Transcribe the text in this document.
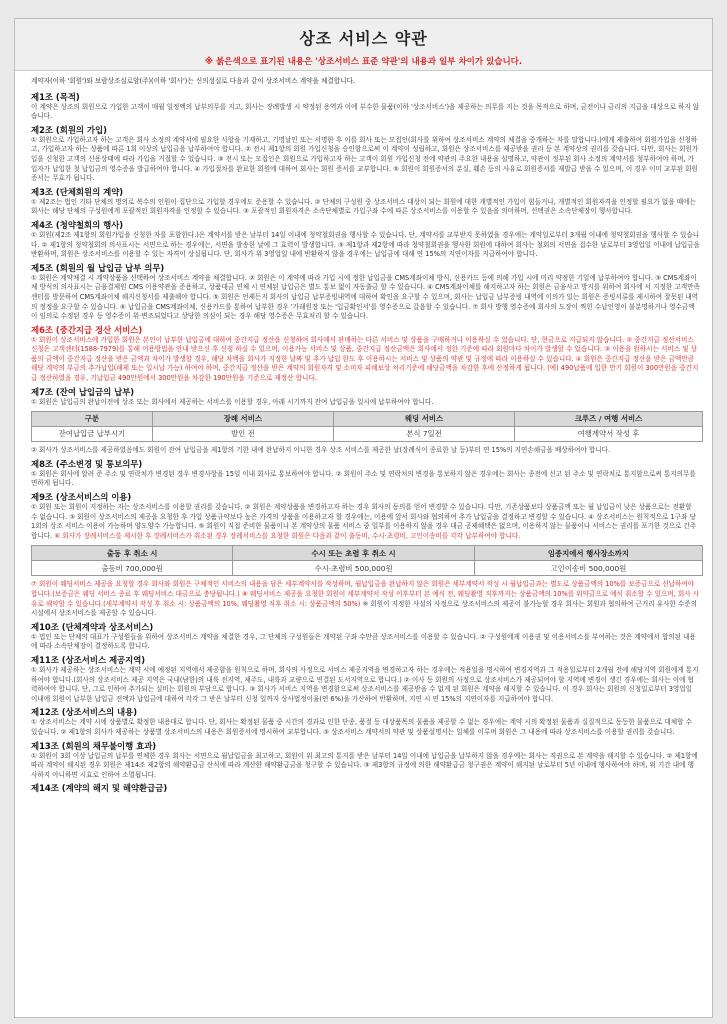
상조 서비스 약관
※ 붉은색으로 표기된 내용은 '상조서비스 표준 약관'의 내용과 일부 차이가 있습니다.

계약자(이하 '회원')와 보람상조실로암(주)(이하 '회사')는 신의성실로 다음과 같이 상조서비스 계약을 체결합니다.

제1조 (목적)

이 계약은 상조의 회원으로 가입한 고객이 매월 일정액의 납부의무를 지고, 회사는 장례발생 시 약정된 용역과 이에 부수한 물품(이하 '상조서비스')을 제공하는 의무를 지는 것을 목적으로 하며, 금전이나 금리의 지급을 대상으로 하지 않습니다.

제2조 (회원의 가입)

① 회원으로 가입하고자 하는 고객은 회사 소정의 계약서에 필요한 사항을 기재하고, 기명날인 또는 서명한 후 이를 회사 또는 모집인(회사를 위하여 상조서비스 계약의 체결을 중개하는 자를 말합니다.)에게 제출하여 회원가입을 신청하고, 가입하고자 하는 상품에 따른 1회 이상의 납입금을 납부하여야 합니다. ② 전시 제1항의 회원 가입신청을 승인함으로써 이 계약이 성립하고, 회원은 상조서비스를 제공받을 권리 등 본 계약상의 권리를 갖습니다. 다만, 회사는 회원가입을 신청한 고객의 신용상태에 따라 가입을 거절할 수 있습니다. ③ 전시 또는 모집인은 회원으로 가입하고자 하는 고객이 회원 가입신청 전에 약관의 주요한 내용을 설명하고, 약관이 정부된 회사 소정의 계약서를 청부하여야 하며, 가입자가 납입한 첫 납입금의 영수증을 발급하여야 합니다. ④ 가입절차를 완료한 회원에 대하여 회사는 회원 증서를 교부합니다. ⑤ 회원이 회원증서의 분실, 훼손 등의 사유로 회원증서를 재발급 받을 수 있으며, 이 경우 이미 교부된 회원증서는 무효가 됩니다.

제3조 (단체회원의 계약)

① 제2조는 법인 기타 단체의 명의로 복수의 인원이 집단으로 가입할 경우에도 준용할 수 있습니다. ② 단체의 구성원 중 상조서비스 대상이 되는 회원에 대한 개별적인 가입이 힘들거나, 개별적인 회원자격을 인정할 필요가 없을 때에는 회사는 해당 단체의 구성원에게 포괄적인 회원자격을 인정할 수 있습니다. ③ 포괄적인 회원자격은 소속단체별로 가입구좌 수에 따른 상조서비스를 이용할 수 있음을 의미하며, 선택권은 소속단체장이 행사합니다.

제4조 (청약철회의 행사)

① 회원(제2조 제1항의 회원가입을 신청한 자를 포함한다.)은 계약서를 받은 날부터 14일 이내에 청약철회권을 행사할 수 있습니다. 단, 계약서를 교부받지 못하였을 경우에는 계약일로부터 3개월 이내에 청약철회권을 행사할 수 있습니다. ② 제1항의 청약철회의 의사표시는 서면으로 하는 경우에는, 서면을 발송한 날에 그 효력이 발생합니다. ③ 제1항과 제2항에 따라 청약철회권을 행사한 회원에 대하여 회사는 철회의 서면을 접수한 날로부터 3영업일 이내에 납입금을 반환하며, 회원은 상조서비스를 이용할 수 있는 자격이 상실됩니다. 단, 회사가 위 3영업일 내에 반환하지 않을 경우에는 납입금에 대해 연 15%의 지연이자를 지급하여야 합니다.

제5조 (회원의 월 납입금 납부 의무)

① 회원은 계약체결 시 계약상품을 선택하여 상조서비스 계약을 체결합니다. ② 회원은 이 계약에 따라 가입 시에 정한 납입금을 CMS계좌이체 방식, 신용카드 등에 의해 가입 시에 미리 약정한 기일에 납부하여야 합니다. ③ CMS계좌이체 방식의 의사표시는 금융결제원 CMS 이용약관을 준용하고, 상품대금 연체 시 연체된 납입금은 별도 통보 없이 자동출금 할 수 있습니다. ④ CMS계좌이체를 해지하고자 하는 회원은 금융사고 방지를 위하여 회사에 서 지정한 고객만족센터를 방문하여 CMS계좌이체 해지신청서를 제출해야 합니다. ⑤ 회원은 언제든지 회사의 납입금 납부증빙내역에 대하여 확인을 요구할 수 있으며, 회사는 납입금 납부증빙 내역에 이의가 있는 회원은 증빙서류를 제시하여 잘못된 내역의 정정을 요구할 수 있습니다. ⑥ 납입금을 CMS계좌이체, 신용카드를 통하여 납부한 경우 '가래원장 또는 '입금확인서'를 영수증으로 갈음할 수 있습니다. ⑦ 회사 방행 영수증에 회사의 도장이 찍힌 수납인영이 불분명하거나 영수금액이 임의로 수정된 경우 등 영수증이 위·변조되었다고 상당한 의심이 되는 경우 해당 영수증은 무효처리 할 수 있습니다.

제6조 (중간지급 정산 서비스)

① 회원이 상조서비스에 가입한 회원은 본인이 납부한 납입금에 대하여 중간지급 정산을 신청하여 회사에서 판매하는 다른 서비스 및 상품을 구매하거나 이용하실 수 있습니다. 단, 현금으로 지급되지 않습니다. ② 중간지급 정산서비스 신청은 고객센터(1588-7979)를 통해 이용방법을 안내 받으신 후 신청 하실 수 있으며, 이용가능 서비스 및 상품, 중간지급 정산금액은 회사에서 정한 기준에 따라 회원마다 차이가 발생할 수 있습니다. ③ 이용을 원하시는 서비스 및 상품의 금액이 중간지급 정산을 받은 금액과 차이가 발생할 경우, 해당 차액을 회사가 지정한 날짜 및 추가 납입 한도 후 이용하시는 서비스 및 상품의 약관 및 규정에 따라 이용하실 수 있습니다. ④ 회원은 중간지급 정산을 받은 금액만큼 해당 계약의 부금의 추가납입(해제 또는 일시납 가능) 하여야 하며, 중간지급 정산을 받은 계약의 회원자격 및 소비자 피해보상 처리기준에 해당금액을 차감한 후에 산정하게 됩니다. (예) 490납품에 입한 만기 회원이 300만원을 중간지급 정산하였을 경우, 기납입금 490만원에서 300만원을 차감한 190만원을 기준으로 재정산 합니다.

제7조 (잔여 납입금의 납부)

① 회원은 납입금의 완납이전에 상조 또는 회사에서 제공하는 서비스를 이용할 경우, 아래 시기까지 잔여 납입금을 일시에 납부하여야 합니다.

구분	장례 서비스	웨딩 서비스	크루즈 / 여행 서비스
잔여납입금 납부시기	발인 전	본식 7일전	여행계약서 작성 후

② 회사가 상조서비스를 제공하였음에도 회원이 잔여 납입금을 제1항의 기한 내에 완납하지 아니한 경우 상조 서비스를 제공한 날(장례식이 종료한 날 등)부터 연 15%의 지연손해금을 배상하여야 합니다.

제8조 (주소변경 및 통보의무)

① 회원은 회사에 알려 준 주소 및 연락처가 변경된 경우 변경사항을 15일 이내 회사로 통보하여야 합니다. ② 회원이 주소 및 연락처의 변경을 통보하지 않은 경우에는 회사는 종전에 신고 된 주소 및 연락처로 통지함으로써 통지의무를 면하게 됩니다.

제9조 (상조서비스의 이용)

① 회원 또는 회원이 지정하는 자는 상조서비스를 이용할 권리를 갖습니다. ② 회원은 계약상품을 변경하고자 하는 경우 회사의 동의를 얻어 변경할 수 있습니다. 다만, 기존상품보다 상품금액 또는 월 납입금이 낮은 상품으로는 전환할 수 없습니다. ③ 회원이 상조서비스의 제공을 요청한 후 가입 상품규약보다 높은 가격의 상품을 이용하고자 할 경우에는, 이용에 앞서 회사와 협의하여 추가 납입금을 결정하고 변경할 수 있습니다. ④ 상조서비스는 원칙적으로 1구좌 당 1회의 상조 서비스 이용이 가능하며 양도양수 가능합니다. ⑤ 회원이 직접 준비한 물품이나 본 계약상의 물품 서비스 중 일부를 이용하지 않을 경우 대금 공제혜택은 없으며, 이용하지 않는 물품이나 서비스는 권리를 포기한 것으로 간주합니다. ⑥ 회사가 장례서비스를 제시한 후 장례서비스가 취소된 경우 장례서비스를 요청한 회원은 다음과 같이 출동비, 수시·초령비, 고인이송비를 각각 납부하여야 합니다.

출동 후 취소 시	수시 또는 초렴 후 취소 시	임종지에서 행사장소까지
출동비 700,000원	수시·초렴비 500,000원	고인이송비 500,000원

⑦ 회원이 웨딩서비스 제공을 요청할 경우 회사와 회원은 구체적인 서비스의 내용을 담은 세부계약서를 작성하며, 월납입금을 완납하지 않은 회원은 세부계약서 작성 시 월납입금과는 별도로 상품금액의 10%를 보증금으로 선납하여야 합니다.(보증금은 웨딩 서비스 종료 후 웨딩서비스 대금으로 충당됩니다.) ⑧ 웨딩서비스 제공을 요청한 회원이 세부계약서 작성 이후부터 본 예식 전, 웨딩촬영 직후까지는 상품금액의 10%를 위약금으로 예식 취소할 수 있으며, 회사 사유로 해약할 수 있습니다.(세부계약서 작성 후 취소 시: 상품금액의 10%, 웨딩촬영 직후 취소 시: 상품금액의 50%) ⑨ 회원이 지정한 사설의 사정으로 상조서비스의 제공이 불가능할 경우 회사는 회원과 협의하여 근거리 유사한 수준의 시설에서 상조서비스를 제공할 수 있습니다.

제10조 (단체계약과 상조서비스)

① 법인 또는 단체의 대표가 구성원들을 위하여 상조서비스 계약을 체결한 경우, 그 단체의 구성원들은 계약된 구좌 수만큼 상조서비스를 이용할 수 있습니다. ② 구성원에게 이용권 및 이용서비스를 부여하는 것은 계약에서 합의된 내용에 따라 소속단체장이 결정하도록 합니다.

제11조 (상조서비스 제공지역)

① 회사가 제공하는 상조서비스는 계약 시에 예정된 지역에서 제공함을 원칙으로 하며, 회사의 사정으로 서비스 제공지역을 변경하고자 하는 경우에는 적용일을 명시하여 변경지역과 그 적용일로부터 2개월 전에 해당지역 회원에게 통지하여야 합니다.(회사의 상조서비스 제공 지역은 국내(남한)의 내륙 전지역, 제주도, 내륙과 교량으로 연결된 도서지역으로 합니다.) ② 이사 등 회원의 사정으로 상조서비스가 제공되어야 할 지역에 변경이 생긴 경우에는 회사는 이에 협력하여야 합니다. 단, 그로 인하여 추가되는 실비는 회원의 부담으로 합니다. ③ 회사가 서비스 지역을 변경함으로써 상조서비스를 제공받을 수 없게 된 회원은 계약을 해지할 수 있습니다. 이 경우 회사는 회원의 신청일로부터 3영업일 이내에 회원이 납부한 납입금 전액과 납입금에 대하여 각각 그 받은 날부터 신청 일까지 상사법정이율(연 6%)을 가산하여 반환하며, 지연 시 연 15%의 지연이자를 지급하여야 합니다.

제12조 (상조서비스의 내용)

① 상조서비스는 계약 시에 상품별로 확정한 내용대로 합니다. 단, 회사는 확정된 물품 중 시간의 경과로 인한 단종, 품절 등 대상품목의 물품을 제공할 수 없는 경우에는 계약 시의 확정된 물품과 실질적으로 동등한 물품으로 대체할 수 있습니다. ② 제1항의 회사가 제공하는 상품별 상조서비스의 내용은 회원증서에 명시하여 교부합니다. ③ 상조서비스 계약서의 약관 및 상품설명서는 일체를 이루며 회원은 그 내용에 따라 상조서비스를 이용할 권리를 갖습니다.

제13조 (회원의 채무불이행 효과)

① 회원이 3회 이상 납입금의 납부를 연체한 경우 회사는 서면으로 월납입금을 최고하고, 회원이 위 최고의 통지를 받은 날부터 14일 이내에 납입금을 납부하지 않을 경우에는 회사는 직권으로 본 계약을 해지할 수 있습니다. ② 제1항에 따라 계약이 해지된 경우 회원은 제14조 제2항의 해약환급금 산식에 따라 계산한 해약환급금을 청구할 수 있습니다. ③ 제3항의 규정에 의한 해약환급금 청구권은 계약이 해지된 날로부터 5년 이내에 행사하여야 하며, 위 기간 내에 행사하지 아니하면 시효로 인하여 소멸됩니다.

제14조 (계약의 해지 및 해약환급금)
